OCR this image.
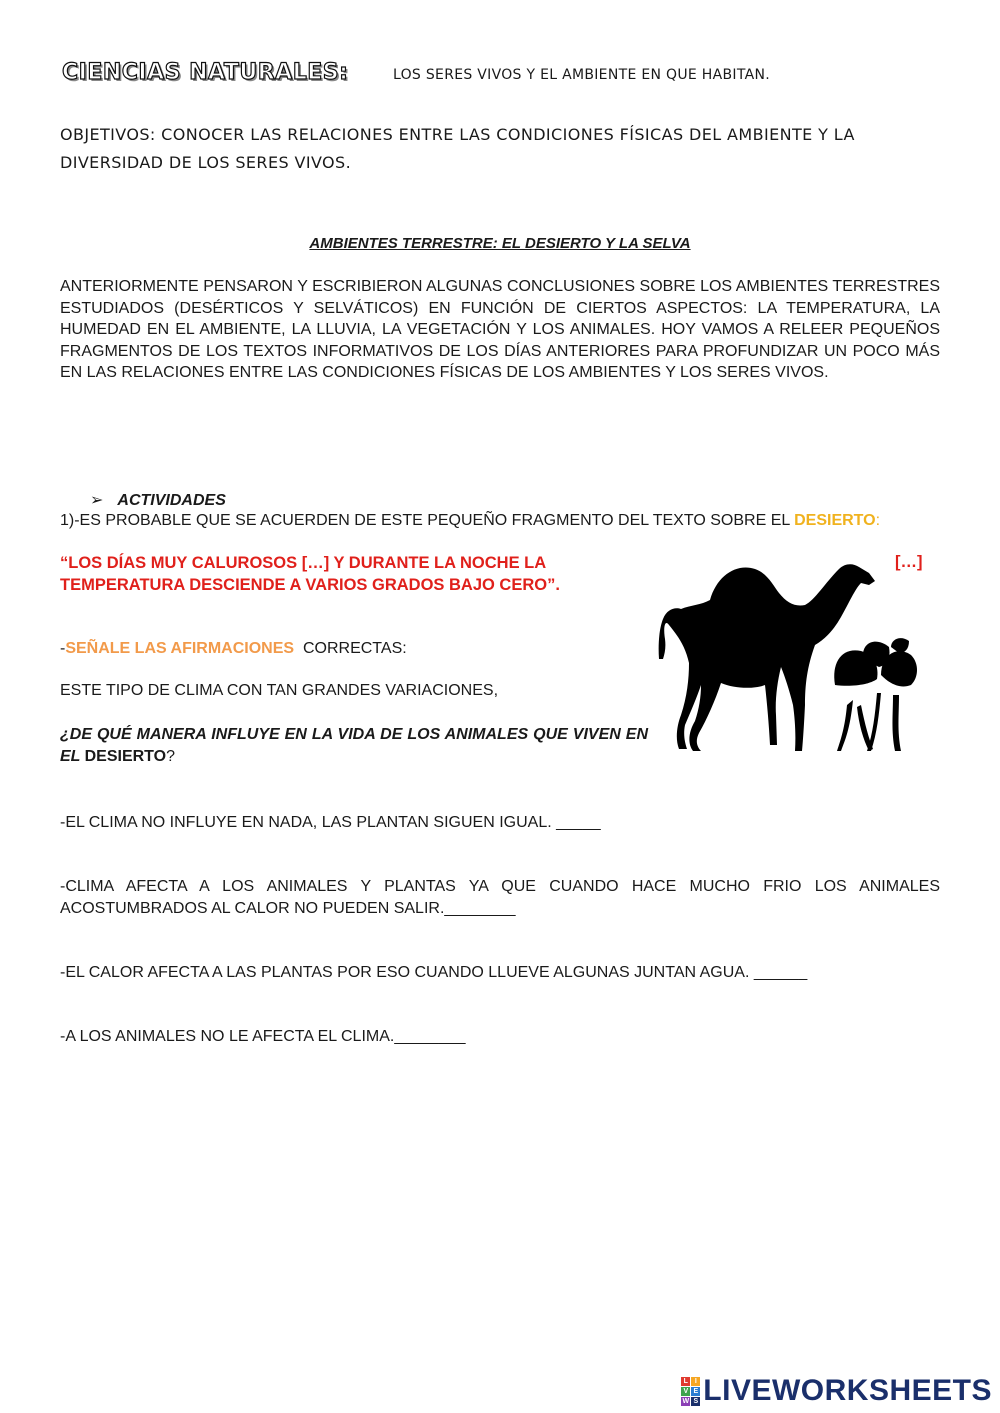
CIENCIAS NATURALES:	LOS SERES VIVOS Y EL AMBIENTE EN QUE HABITAN.
OBJETIVOS: CONOCER LAS RELACIONES ENTRE LAS CONDICIONES FÍSICAS DEL AMBIENTE Y LA DIVERSIDAD DE LOS SERES VIVOS.
AMBIENTES TERRESTRE: EL DESIERTO Y LA SELVA
ANTERIORMENTE PENSARON Y ESCRIBIERON ALGUNAS CONCLUSIONES SOBRE LOS AMBIENTES TERRESTRES ESTUDIADOS (DESÉRTICOS Y SELVÁTICOS) EN FUNCIÓN DE CIERTOS ASPECTOS: LA TEMPERATURA, LA HUMEDAD EN EL AMBIENTE, LA LLUVIA, LA VEGETACIÓN Y LOS ANIMALES. HOY VAMOS A RELEER PEQUEÑOS FRAGMENTOS DE LOS TEXTOS INFORMATIVOS DE LOS DÍAS ANTERIORES PARA PROFUNDIZAR UN POCO MÁS EN LAS RELACIONES ENTRE LAS CONDICIONES FÍSICAS DE LOS AMBIENTES Y LOS SERES VIVOS.
➢ ACTIVIDADES
1)-ES PROBABLE QUE SE ACUERDEN DE ESTE PEQUEÑO FRAGMENTO DEL TEXTO SOBRE EL DESIERTO:
“LOS DÍAS MUY CALUROSOS […] Y DURANTE LA NOCHE LA TEMPERATURA DESCIENDE A VARIOS GRADOS BAJO CERO”.
[…]
-SEÑALE LAS AFIRMACIONES  CORRECTAS:
ESTE TIPO DE CLIMA CON TAN GRANDES VARIACIONES,
¿DE QUÉ MANERA INFLUYE EN LA VIDA DE LOS ANIMALES QUE VIVEN EN EL DESIERTO?
-EL CLIMA NO INFLUYE EN NADA, LAS PLANTAN SIGUEN IGUAL. _____
-CLIMA AFECTA A LOS ANIMALES Y PLANTAS YA QUE CUANDO HACE MUCHO FRIO LOS ANIMALES ACOSTUMBRADOS AL CALOR NO PUEDEN SALIR.________
-EL CALOR AFECTA A LAS PLANTAS POR ESO CUANDO LLUEVE ALGUNAS JUNTAN AGUA. ______
-A LOS ANIMALES NO LE AFECTA EL CLIMA.________
L I
V E
W S LIVEWORKSHEETS
